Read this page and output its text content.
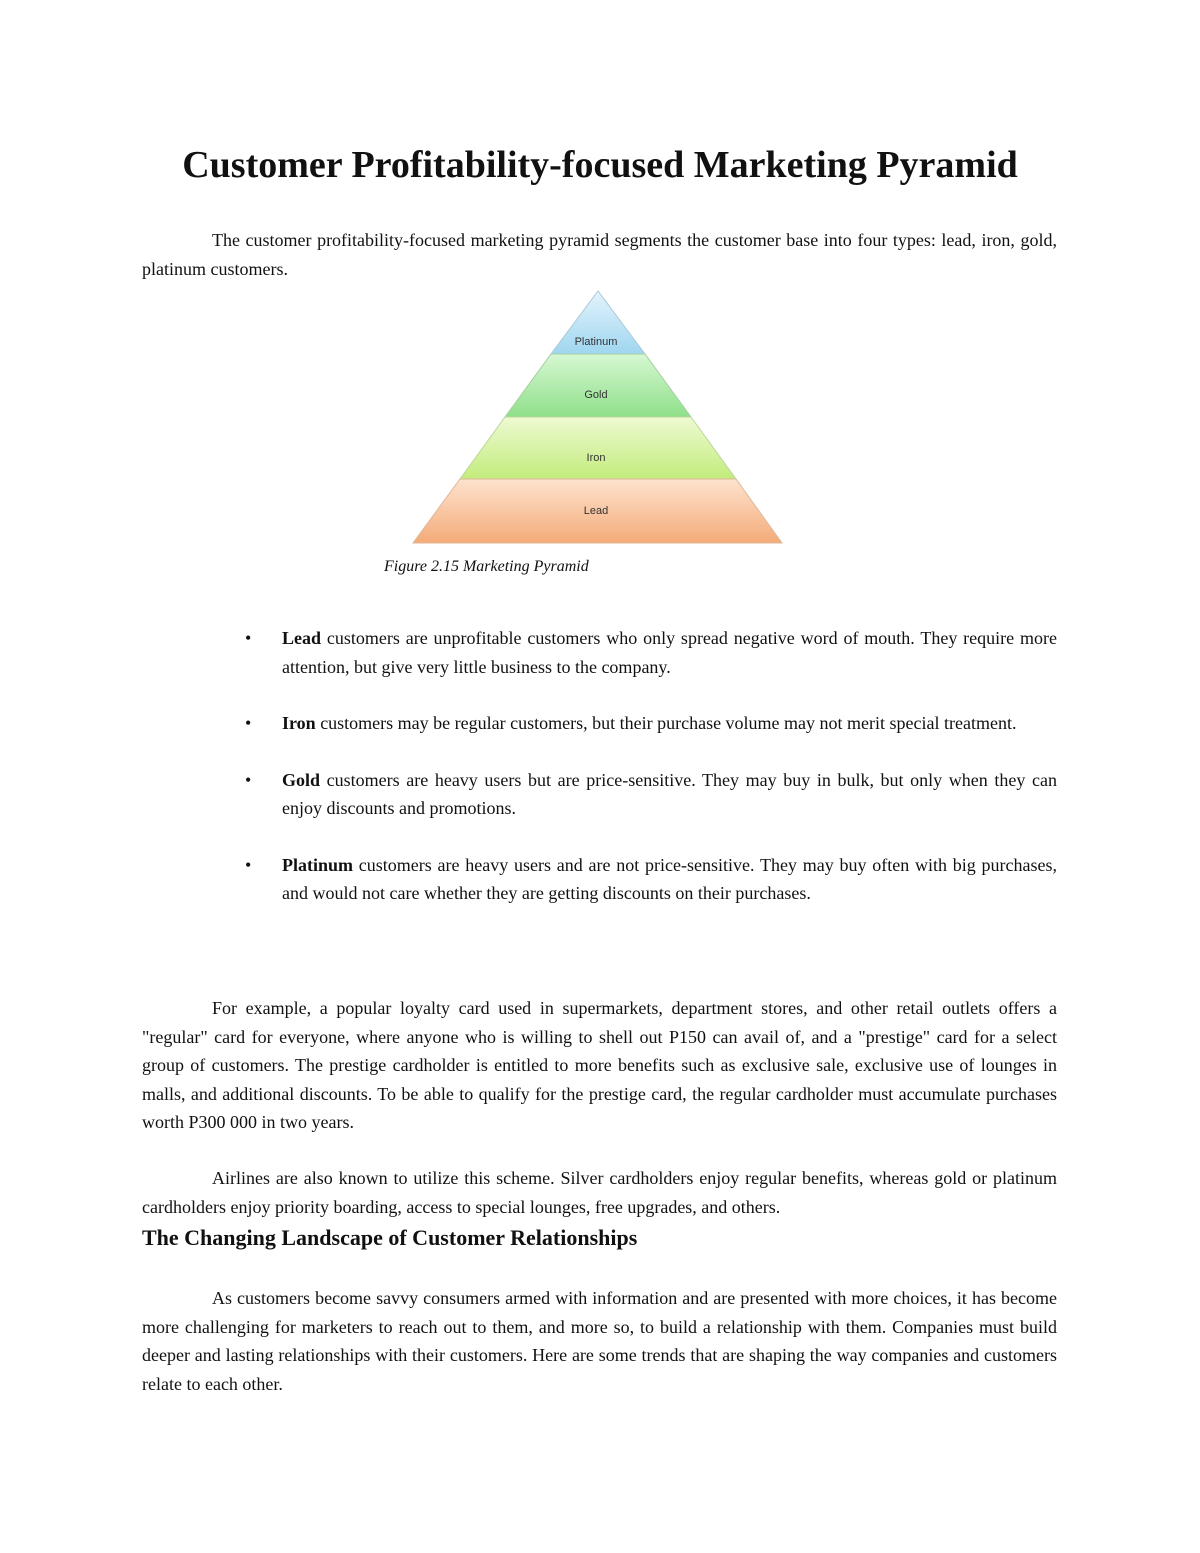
Customer Profitability-focused Marketing Pyramid
The customer profitability-focused marketing pyramid segments the customer base into four types: lead, iron, gold, platinum customers.
Platinum
Gold
Iron
Lead
Figure 2.15 Marketing Pyramid
• Lead customers are unprofitable customers who only spread negative word of mouth. They require more attention, but give very little business to the company.
• Iron customers may be regular customers, but their purchase volume may not merit special treatment.
• Gold customers are heavy users but are price-sensitive. They may buy in bulk, but only when they can enjoy discounts and promotions.
• Platinum customers are heavy users and are not price-sensitive. They may buy often with big purchases, and would not care whether they are getting discounts on their purchases.
For example, a popular loyalty card used in supermarkets, department stores, and other retail outlets offers a "regular" card for everyone, where anyone who is willing to shell out P150 can avail of, and a "prestige" card for a select group of customers. The prestige cardholder is entitled to more benefits such as exclusive sale, exclusive use of lounges in malls, and additional discounts. To be able to qualify for the prestige card, the regular cardholder must accumulate purchases worth P300 000 in two years.
Airlines are also known to utilize this scheme. Silver cardholders enjoy regular benefits, whereas gold or platinum cardholders enjoy priority boarding, access to special lounges, free upgrades, and others.
The Changing Landscape of Customer Relationships
As customers become savvy consumers armed with information and are presented with more choices, it has become more challenging for marketers to reach out to them, and more so, to build a relationship with them. Companies must build deeper and lasting relationships with their customers. Here are some trends that are shaping the way companies and customers relate to each other.
